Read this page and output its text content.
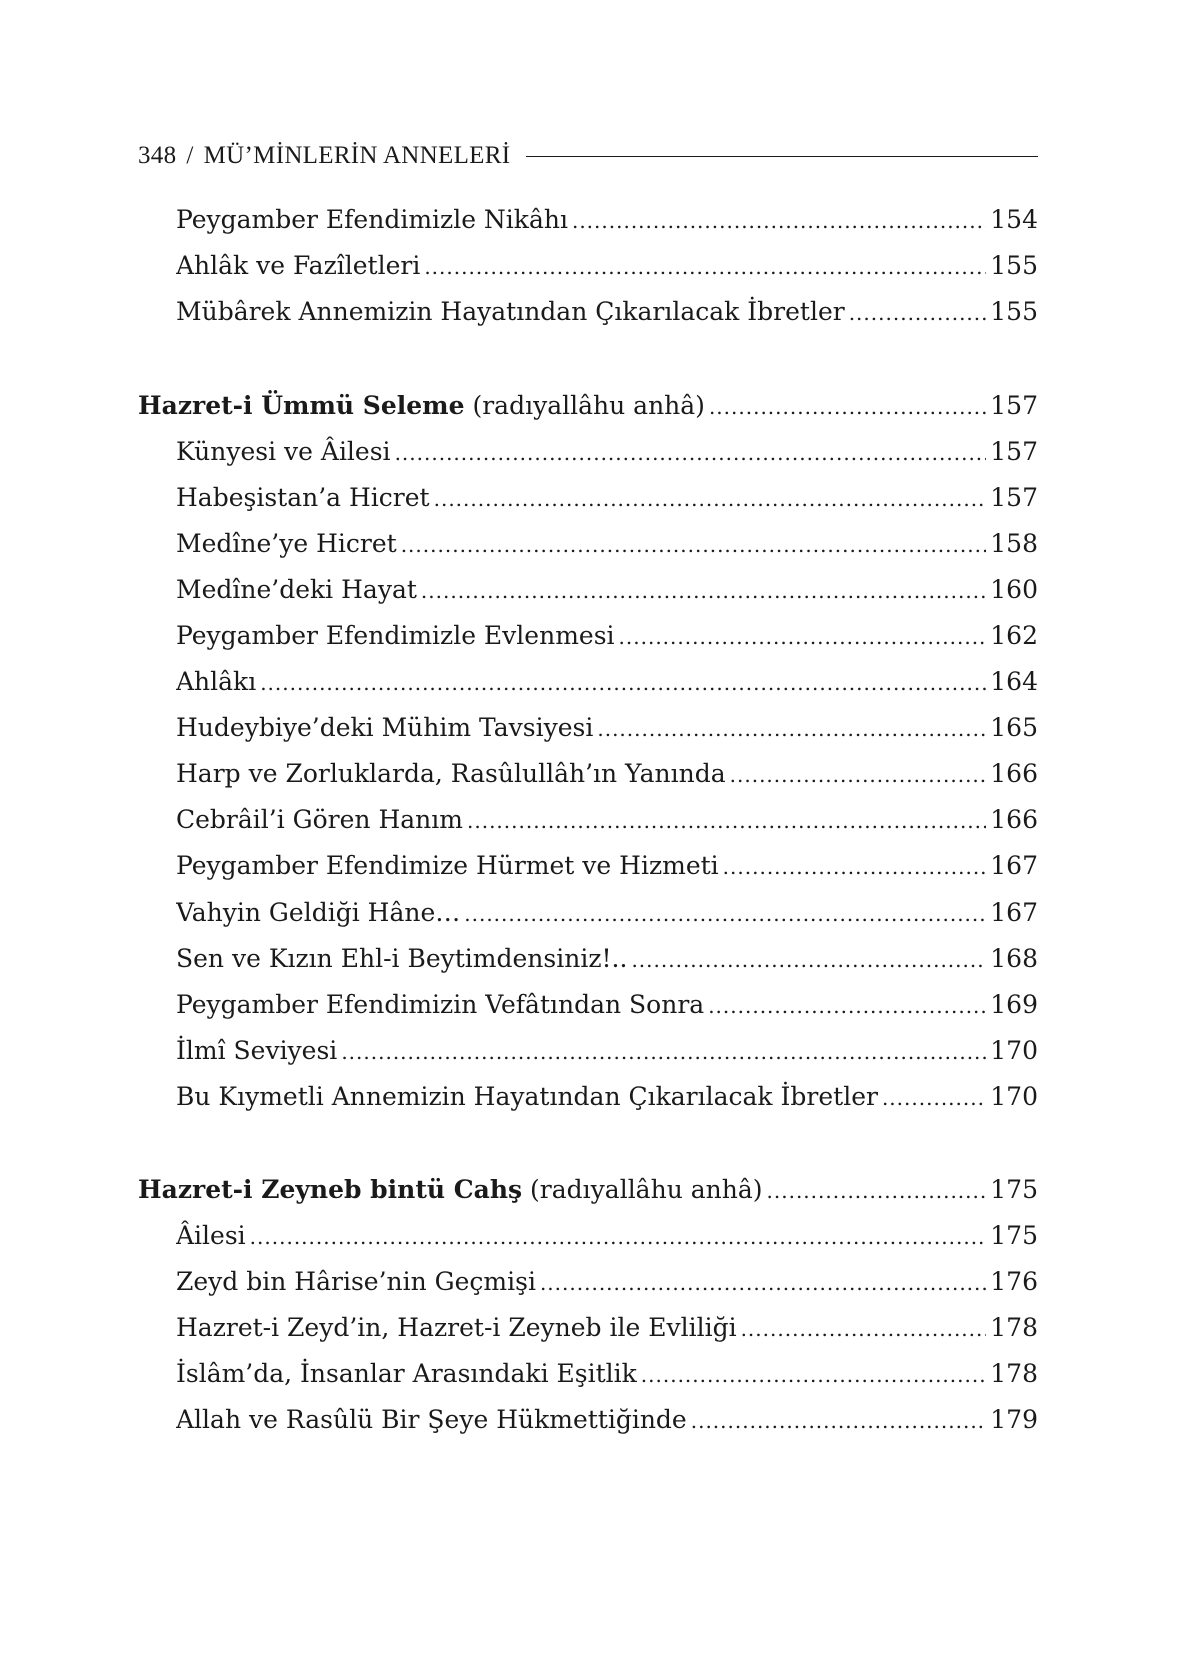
348 / MÜ’MİNLERİN ANNELERİ
Peygamber Efendimizle Nikâhı .....	154
Ahlâk ve Fazîletleri .....	155
Mübârek Annemizin Hayatından Çıkarılacak İbretler .....	155
Hazret-i Ümmü Seleme (radıyallâhu anhâ) .....	157
Künyesi ve Âilesi .....	157
Habeşistan’a Hicret .....	157
Medîne’ye Hicret .....	158
Medîne’deki Hayat .....	160
Peygamber Efendimizle Evlenmesi .....	162
Ahlâkı .....	164
Hudeybiye’deki Mühim Tavsiyesi .....	165
Harp ve Zorluklarda, Rasûlullâh’ın Yanında .....	166
Cebrâil’i Gören Hanım .....	166
Peygamber Efendimize Hürmet ve Hizmeti .....	167
Vahyin Geldiği Hâne… .....	167
Sen ve Kızın Ehl-i Beytimdensiniz!.. .....	168
Peygamber Efendimizin Vefâtından Sonra .....	169
İlmî Seviyesi .....	170
Bu Kıymetli Annemizin Hayatından Çıkarılacak İbretler .....	170
Hazret-i Zeyneb bintü Cahş (radıyallâhu anhâ) .....	175
Âilesi .....	175
Zeyd bin Hârise’nin Geçmişi .....	176
Hazret-i Zeyd’in, Hazret-i Zeyneb ile Evliliği .....	178
İslâm’da, İnsanlar Arasındaki Eşitlik .....	178
Allah ve Rasûlü Bir Şeye Hükmettiğinde .....	179
